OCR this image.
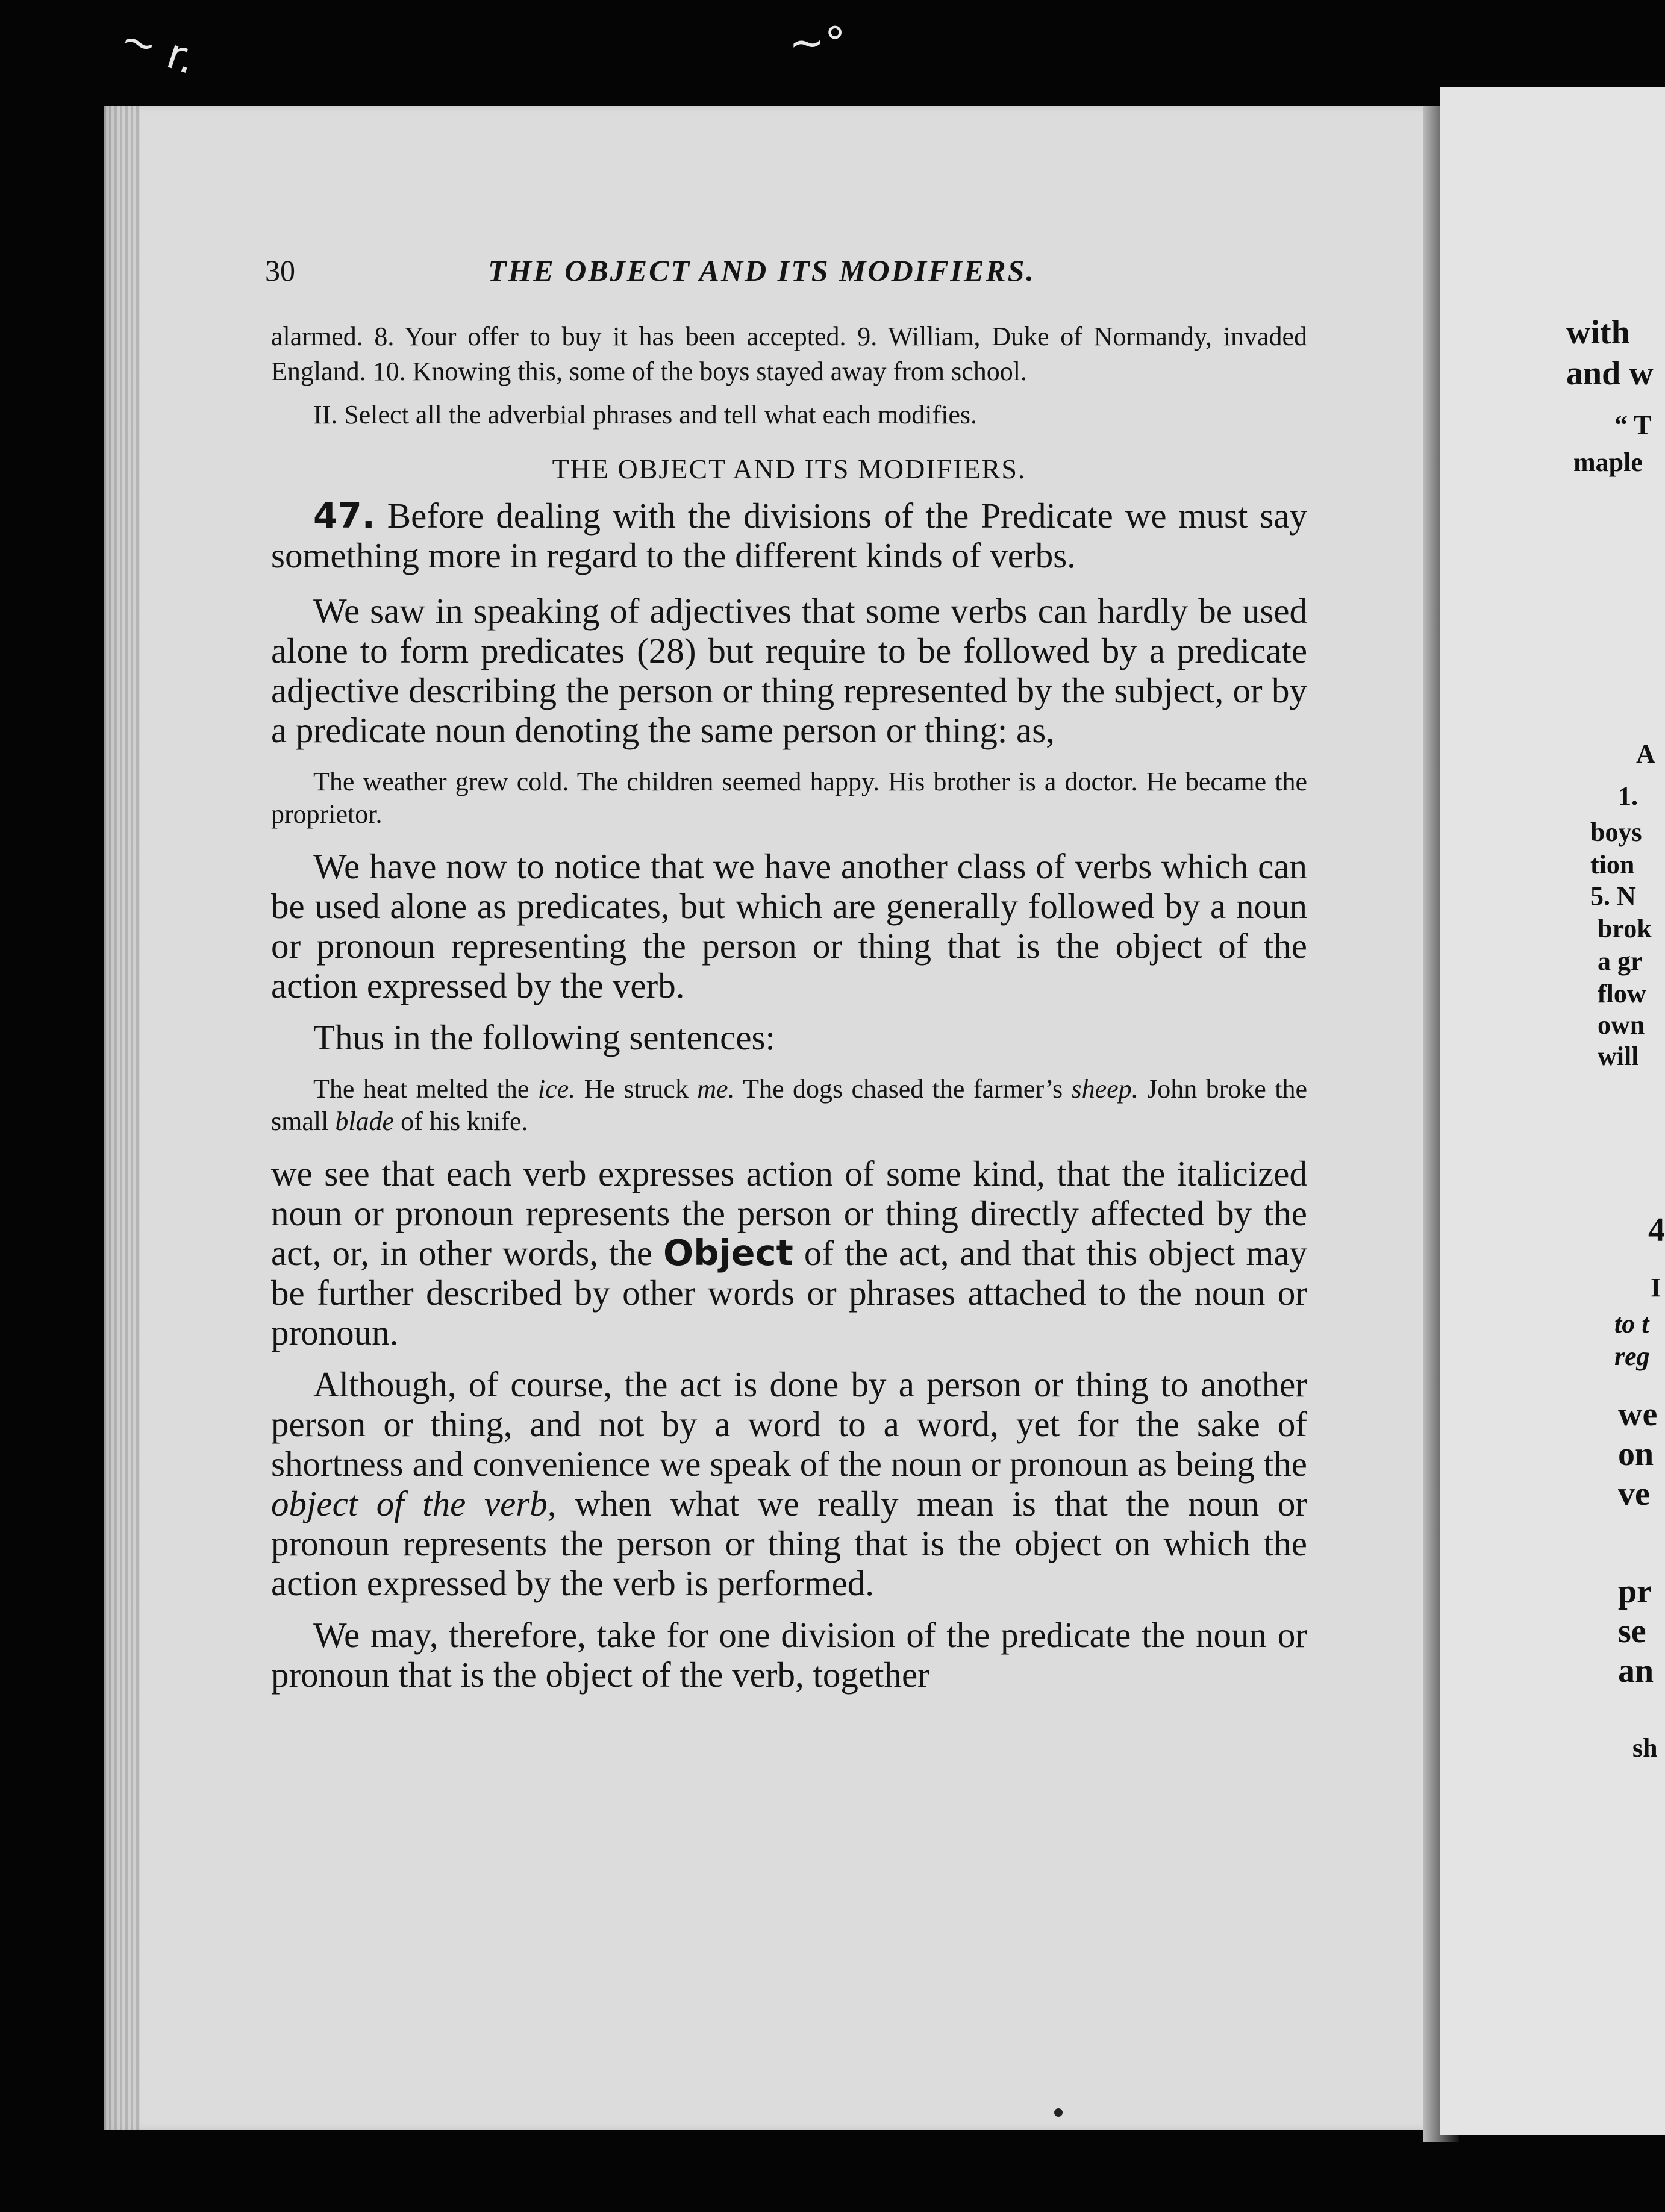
~ r.	~°
30	THE OBJECT AND ITS MODIFIERS.

alarmed. 8. Your offer to buy it has been accepted. 9. William, Duke of Normandy, invaded England. 10. Knowing this, some of the boys stayed away from school.

II. Select all the adverbial phrases and tell what each modifies.

THE OBJECT AND ITS MODIFIERS.

47. Before dealing with the divisions of the Predicate we must say something more in regard to the different kinds of verbs.

We saw in speaking of adjectives that some verbs can hardly be used alone to form predicates (28) but require to be followed by a predicate adjective describing the person or thing represented by the subject, or by a predicate noun denoting the same person or thing: as,

The weather grew cold. The children seemed happy. His brother is a doctor. He became the proprietor.

We have now to notice that we have another class of verbs which can be used alone as predicates, but which are generally followed by a noun or pronoun representing the person or thing that is the object of the action expressed by the verb.

Thus in the following sentences:

The heat melted the ice. He struck me. The dogs chased the farmer’s sheep. John broke the small blade of his knife.

we see that each verb expresses action of some kind, that the italicized noun or pronoun represents the person or thing directly affected by the act, or, in other words, the Object of the act, and that this object may be further described by other words or phrases attached to the noun or pronoun.

Although, of course, the act is done by a person or thing to another person or thing, and not by a word to a word, yet for the sake of shortness and convenience we speak of the noun or pronoun as being the object of the verb, when what we really mean is that the noun or pronoun represents the person or thing that is the object on which the action expressed by the verb is performed.

We may, therefore, take for one division of the predicate the noun or pronoun that is the object of the verb, together

with
and w
“ T
maple
A
1.
boys
tion
5. N
brok
a gr
flow
own
will
4
I
to t
reg
we
on
ve
pr
se
an
sh
